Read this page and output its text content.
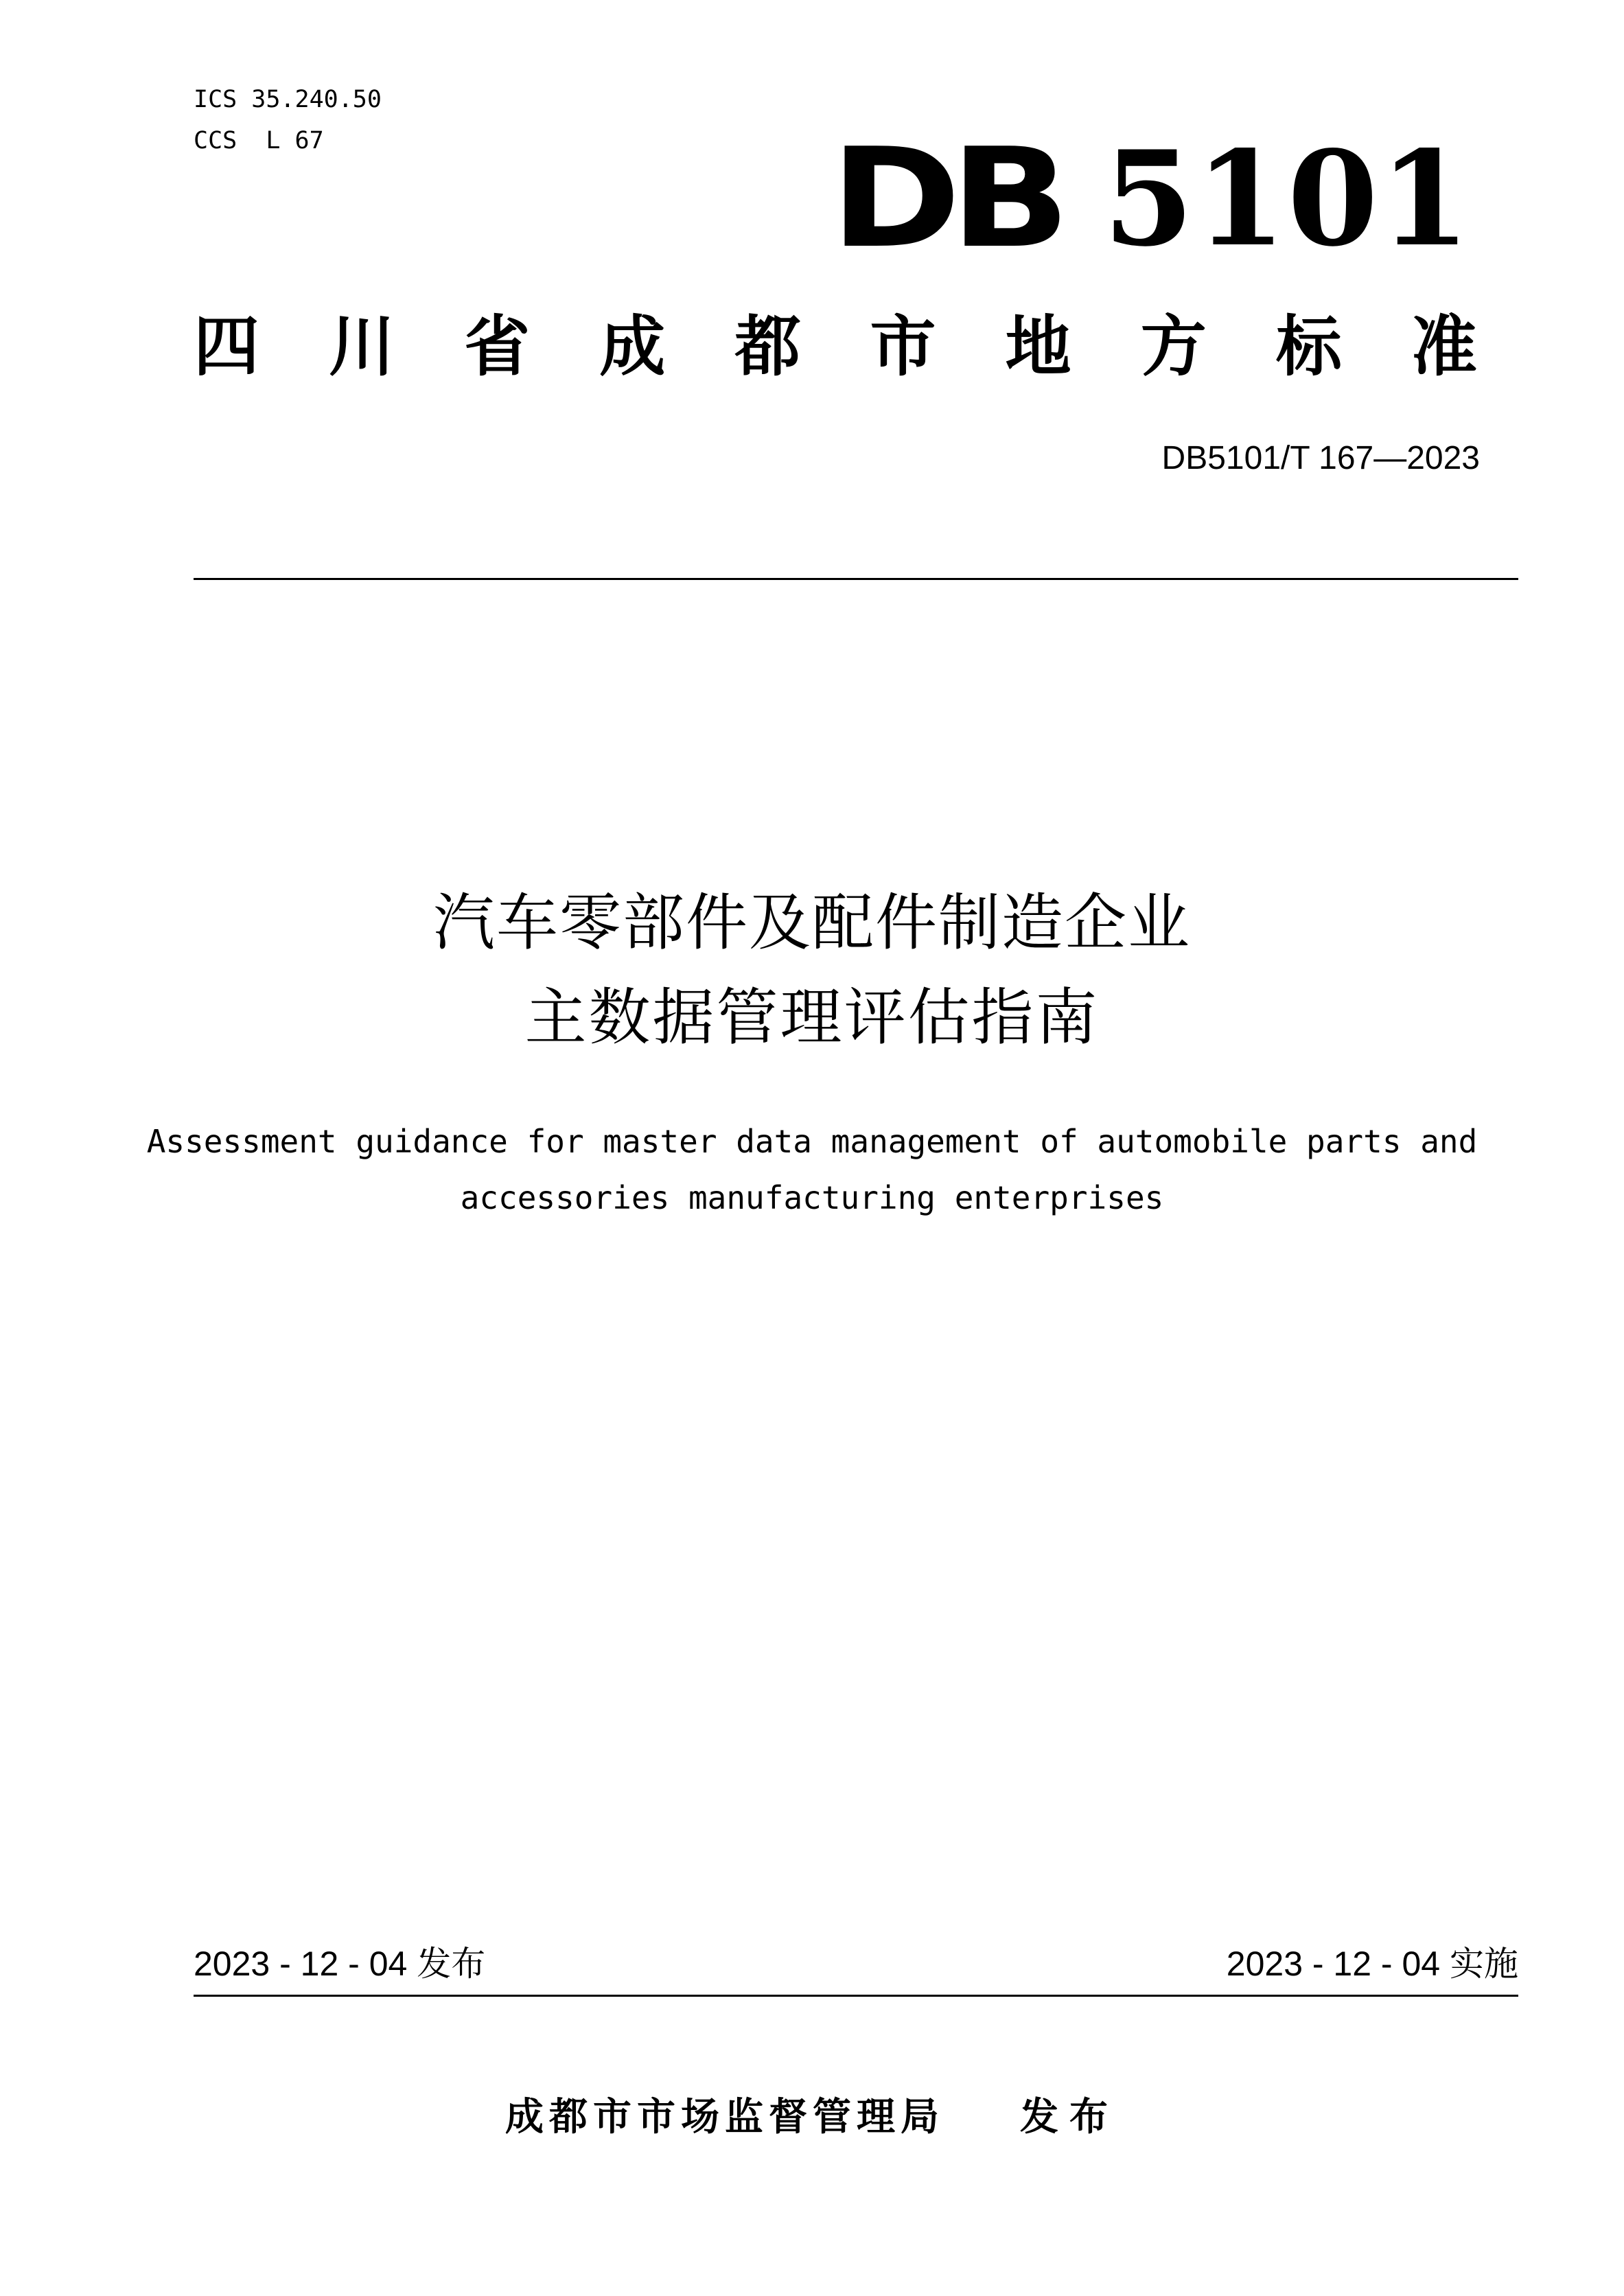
ICS 35.240.50
CCS  L 67	DB 5101
四川省成都市地方标准
DB5101/T 167—2023
汽车零部件及配件制造企业
主数据管理评估指南
Assessment guidance for master data management of automobile parts and
accessories manufacturing enterprises
2023 - 12 - 04 发布	2023 - 12 - 04 实施
成都市市场监督管理局 发布
